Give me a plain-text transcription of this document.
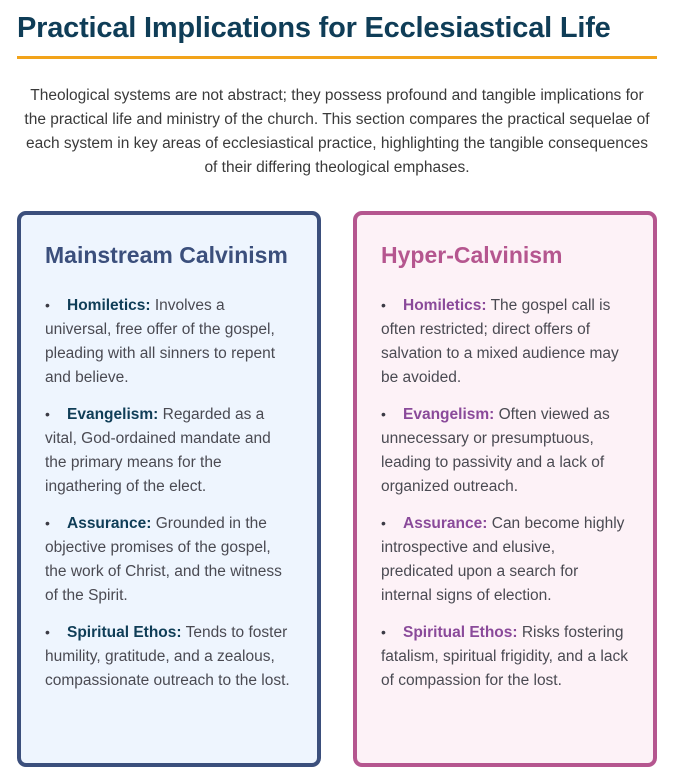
Practical Implications for Ecclesiastical Life

Theological systems are not abstract; they possess profound and tangible implications for the practical life and ministry of the church. This section compares the practical sequelae of each system in key areas of ecclesiastical practice, highlighting the tangible consequences of their differing theological emphases.

Mainstream Calvinism
• Homiletics: Involves a universal, free offer of the gospel, pleading with all sinners to repent and believe.
• Evangelism: Regarded as a vital, God-ordained mandate and the primary means for the ingathering of the elect.
• Assurance: Grounded in the objective promises of the gospel, the work of Christ, and the witness of the Spirit.
• Spiritual Ethos: Tends to foster humility, gratitude, and a zealous, compassionate outreach to the lost.
Hyper-Calvinism
• Homiletics: The gospel call is often restricted; direct offers of salvation to a mixed audience may be avoided.
• Evangelism: Often viewed as unnecessary or presumptuous, leading to passivity and a lack of organized outreach.
• Assurance: Can become highly introspective and elusive, predicated upon a search for internal signs of election.
• Spiritual Ethos: Risks fostering fatalism, spiritual frigidity, and a lack of compassion for the lost.
